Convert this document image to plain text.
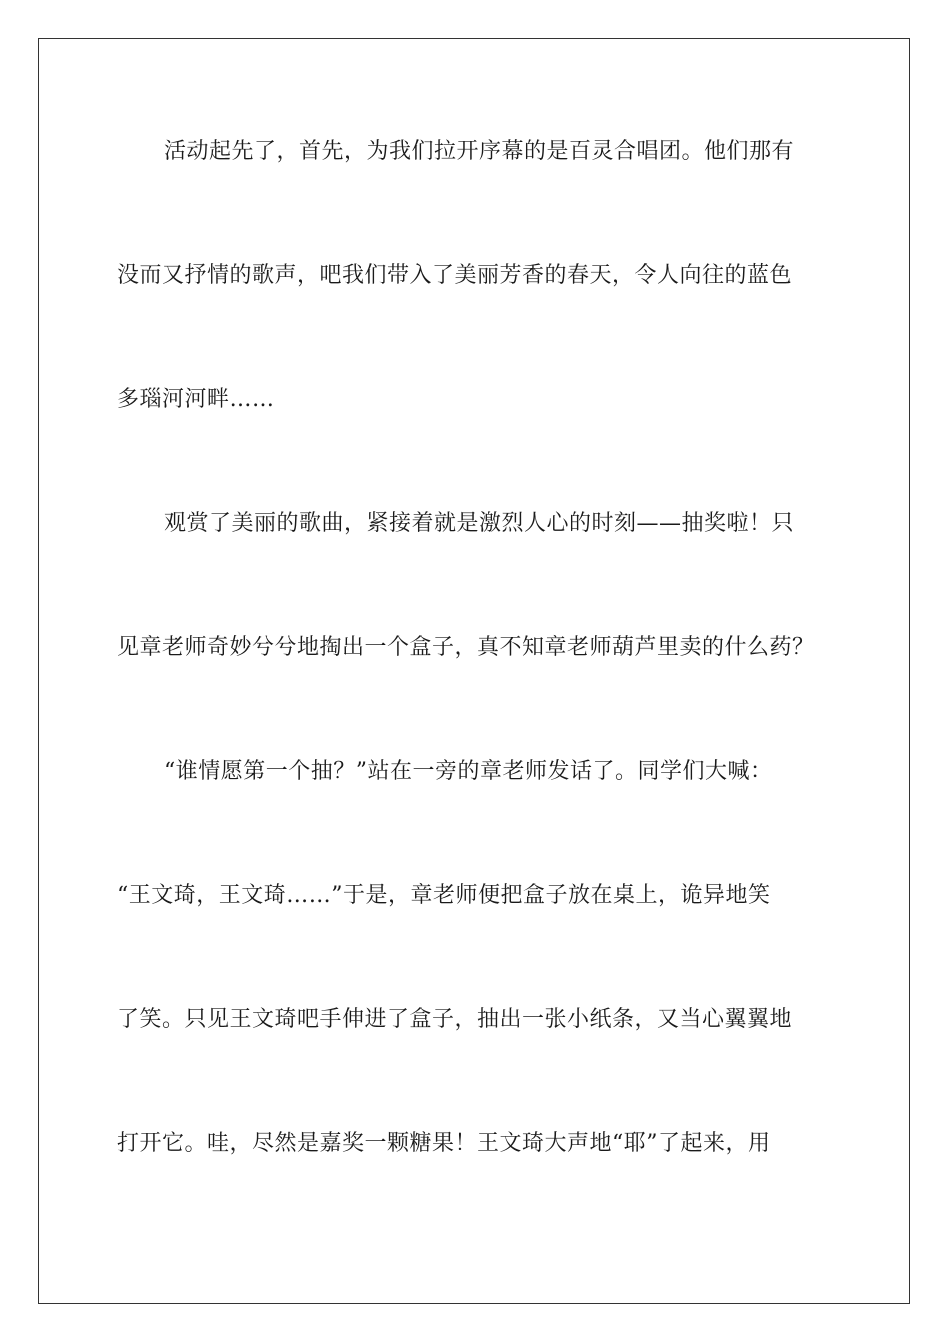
活动起先了，首先，为我们拉开序幕的是百灵合唱团。他们那有
没而又抒情的歌声，吧我们带入了美丽芳香的春天，令人向往的蓝色
多瑙河河畔……
观赏了美丽的歌曲，紧接着就是激烈人心的时刻——抽奖啦！只
见章老师奇妙兮兮地掏出一个盒子，真不知章老师葫芦里卖的什么药？
“谁情愿第一个抽？”站在一旁的章老师发话了。同学们大喊：
“王文琦，王文琦……”于是，章老师便把盒子放在桌上，诡异地笑
了笑。只见王文琦吧手伸进了盒子，抽出一张小纸条，又当心翼翼地
打开它。哇，尽然是嘉奖一颗糖果！王文琦大声地“耶”了起来，用
